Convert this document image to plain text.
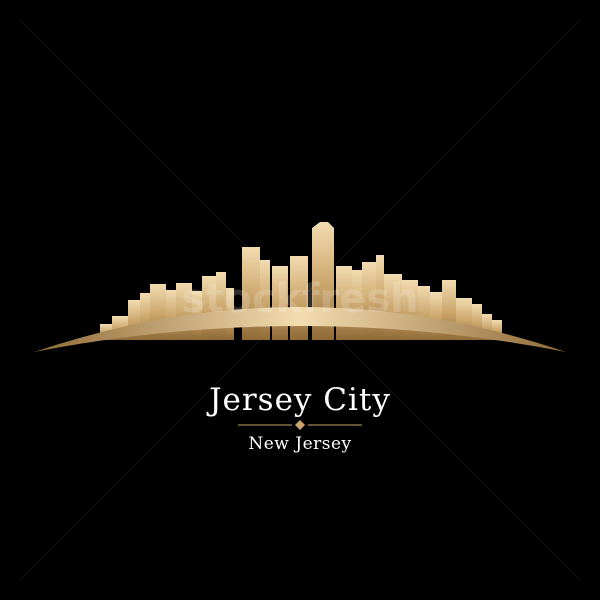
stockfresh
Jersey City
New Jersey
